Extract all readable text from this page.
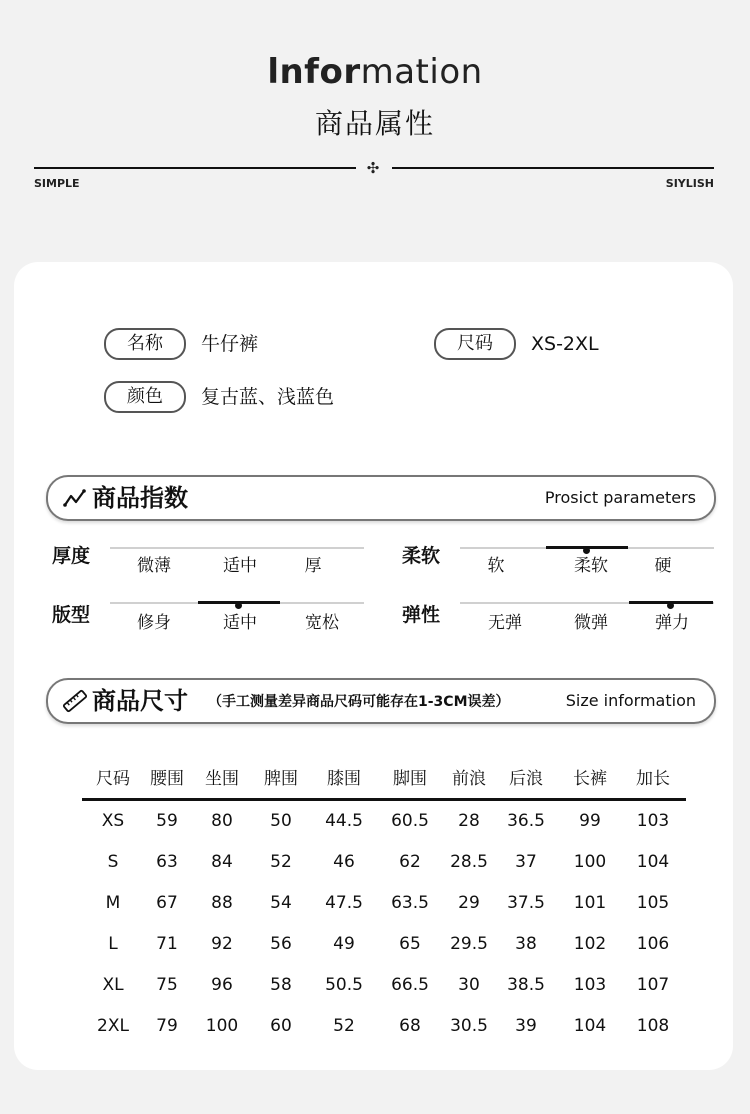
lnformation
商品属性
✣
SIMPLE	SIYLISH
名称	牛仔裤	尺码	XS-2XL
颜色	复古蓝、浅蓝色
商品指数	Prosict parameters
厚度	微薄	适中	厚	柔软	软	柔软	硬
版型	修身	适中	宽松	弹性	无弹	微弹	弹力
商品尺寸 （手工测量差异商品尺码可能存在1-3CM误差）	Size information
尺码 腰围 坐围 脾围 膝围 脚围 前浪 后浪 长裤 加长
XS 59 80 50 44.5 60.5 28 36.5 99 103
S 63 84 52 46	62 28.5 37 100 104
M 67 88 54 47.5 63.5 29 37.5 101 105
L 71 92 56 49	65 29.5 38 102 106
XL 75 96 58 50.5 66.5 30 38.5 103 107
2XL 79 100 60 52	68 30.5 39 104 108
